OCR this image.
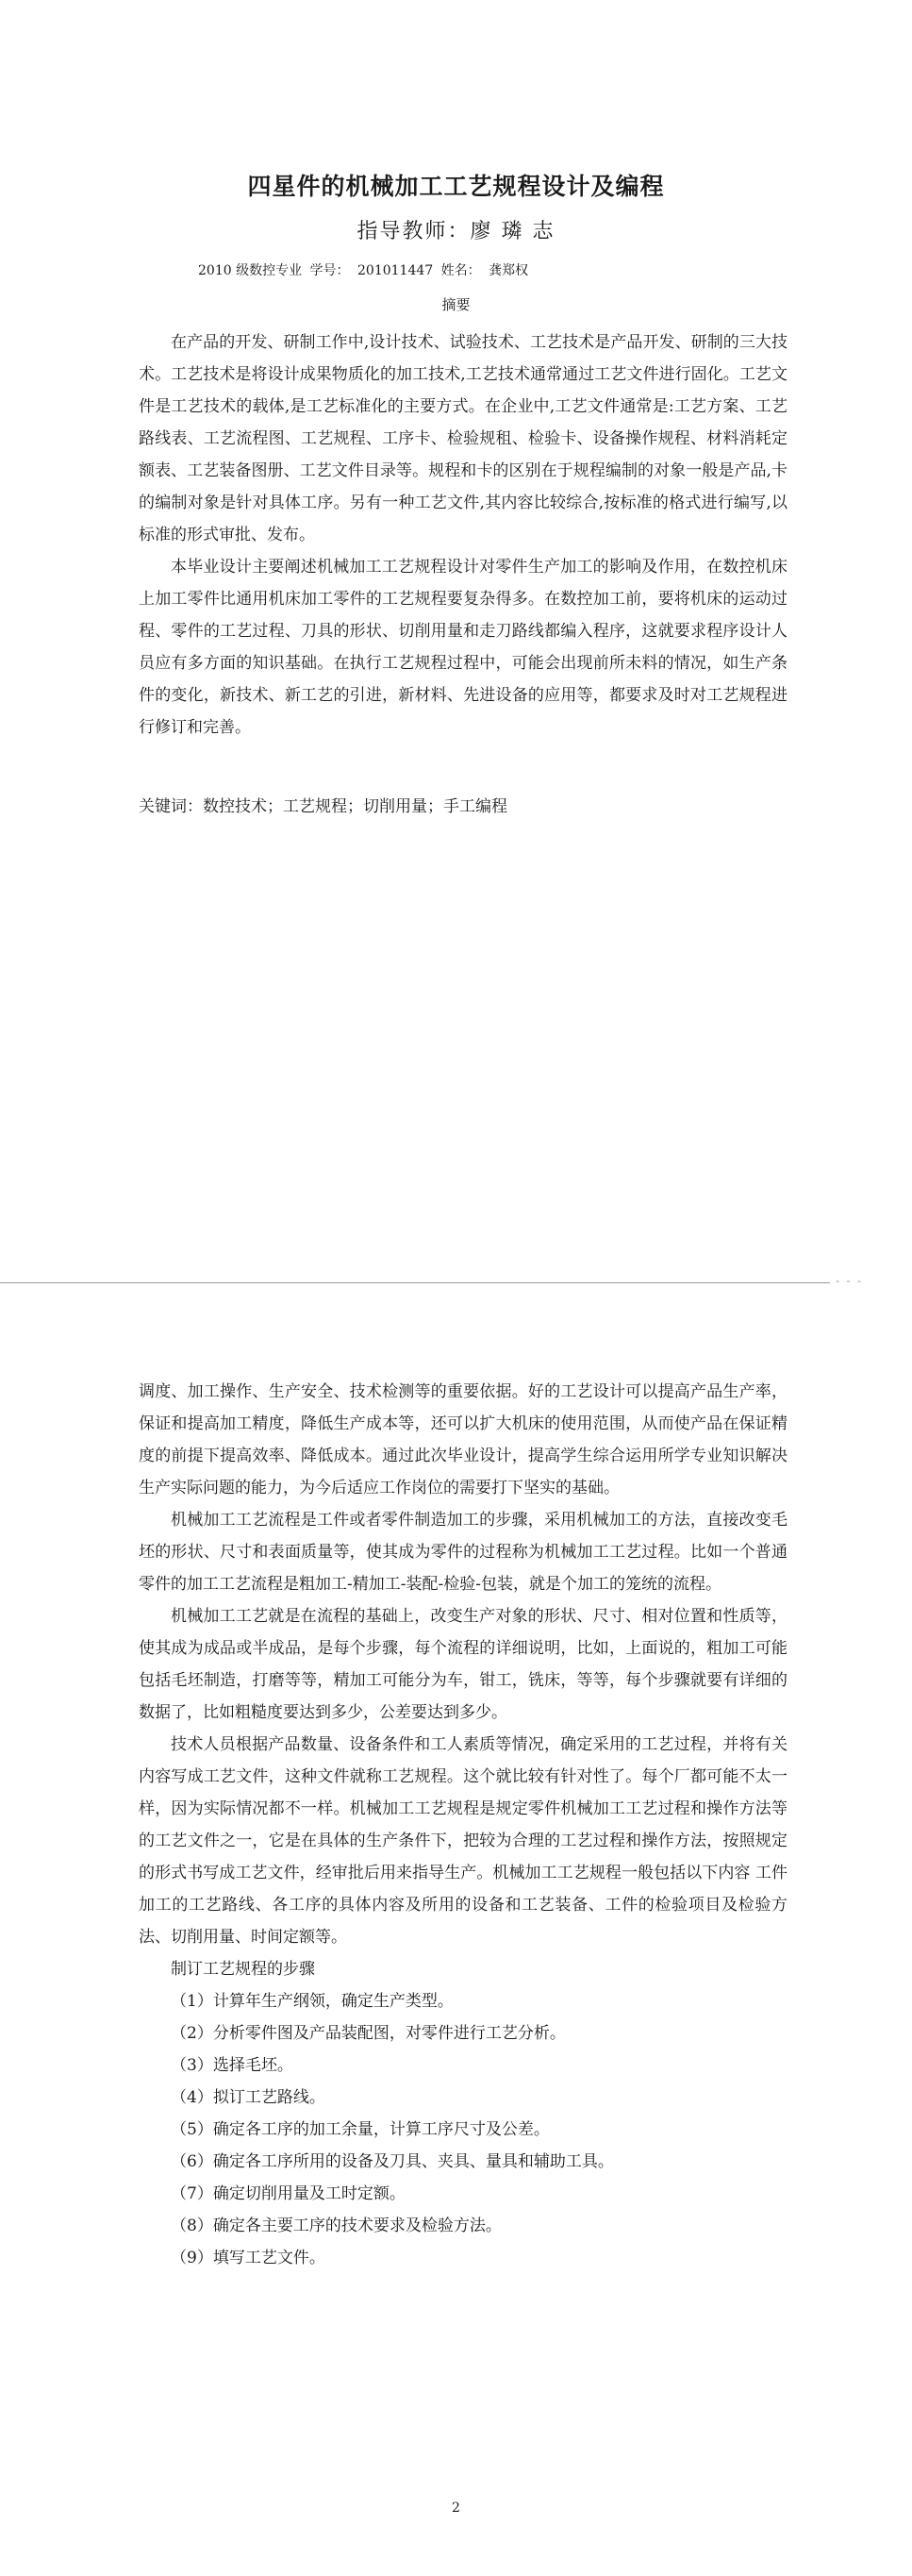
四星件的机械加工工艺规程设计及编程
指导教师：廖 璘 志
2010 级数控专业 学号： 201011447 姓名： 龚郑权
摘要

在产品的开发、研制工作中,设计技术、试验技术、工艺技术是产品开发、研制的三大技术。工艺技术是将设计成果物质化的加工技术,工艺技术通常通过工艺文件进行固化。工艺文件是工艺技术的载体,是工艺标准化的主要方式。在企业中,工艺文件通常是:工艺方案、工艺路线表、工艺流程图、工艺规程、工序卡、检验规租、检验卡、设备操作规程、材料消耗定额表、工艺装备图册、工艺文件目录等。规程和卡的区别在于规程编制的对象一般是产品,卡的编制对象是针对具体工序。另有一种工艺文件,其内容比较综合,按标准的格式进行编写,以标准的形式审批、发布。

本毕业设计主要阐述机械加工工艺规程设计对零件生产加工的影响及作用，在数控机床上加工零件比通用机床加工零件的工艺规程要复杂得多。在数控加工前，要将机床的运动过程、零件的工艺过程、刀具的形状、切削用量和走刀路线都编入程序，这就要求程序设计人员应有多方面的知识基础。在执行工艺规程过程中，可能会出现前所未料的情况，如生产条件的变化，新技术、新工艺的引进，新材料、先进设备的应用等，都要求及时对工艺规程进行修订和完善。

关键词：数控技术；工艺规程；切削用量；手工编程
- - -

调度、加工操作、生产安全、技术检测等的重要依据。好的工艺设计可以提高产品生产率，保证和提高加工精度，降低生产成本等，还可以扩大机床的使用范围，从而使产品在保证精度的前提下提高效率、降低成本。通过此次毕业设计，提高学生综合运用所学专业知识解决生产实际问题的能力，为今后适应工作岗位的需要打下坚实的基础。

机械加工工艺流程是工件或者零件制造加工的步骤，采用机械加工的方法，直接改变毛坯的形状、尺寸和表面质量等，使其成为零件的过程称为机械加工工艺过程。比如一个普通零件的加工工艺流程是粗加工-精加工-装配-检验-包装，就是个加工的笼统的流程。

机械加工工艺就是在流程的基础上，改变生产对象的形状、尺寸、相对位置和性质等，使其成为成品或半成品，是每个步骤，每个流程的详细说明，比如，上面说的，粗加工可能包括毛坯制造，打磨等等，精加工可能分为车，钳工，铣床，等等，每个步骤就要有详细的数据了，比如粗糙度要达到多少，公差要达到多少。

技术人员根据产品数量、设备条件和工人素质等情况，确定采用的工艺过程，并将有关内容写成工艺文件，这种文件就称工艺规程。这个就比较有针对性了。每个厂都可能不太一样，因为实际情况都不一样。机械加工工艺规程是规定零件机械加工工艺过程和操作方法等的工艺文件之一，它是在具体的生产条件下，把较为合理的工艺过程和操作方法，按照规定的形式书写成工艺文件，经审批后用来指导生产。机械加工工艺规程一般包括以下内容 工件加工的工艺路线、各工序的具体内容及所用的设备和工艺装备、工件的检验项目及检验方法、切削用量、时间定额等。

制订工艺规程的步骤
（1）计算年生产纲领，确定生产类型。
（2）分析零件图及产品装配图，对零件进行工艺分析。
（3）选择毛坯。
（4）拟订工艺路线。
（5）确定各工序的加工余量，计算工序尺寸及公差。
（6）确定各工序所用的设备及刀具、夹具、量具和辅助工具。
（7）确定切削用量及工时定额。
（8）确定各主要工序的技术要求及检验方法。
（9）填写工艺文件。
2
